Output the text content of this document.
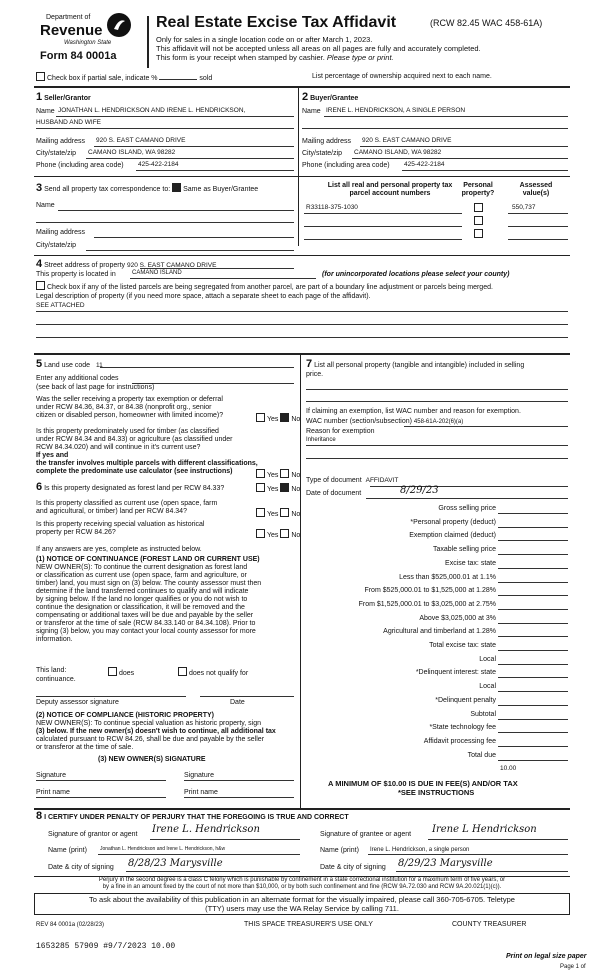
Department of
Revenue
Washington State
Form 84 0001a
Real Estate Excise Tax Affidavit	(RCW 82.45 WAC 458-61A)
Only for sales in a single location code on or after March 1, 2023.
This affidavit will not be accepted unless all areas on all pages are fully and accurately completed.
This form is your receipt when stamped by cashier. Please type or print.
Check box if partial sale, indicate %	sold	List percentage of ownership acquired next to each name.
1 Seller/Grantor
Name JONATHAN L. HENDRICKSON AND IRENE L. HENDRICKSON,
HUSBAND AND WIFE
Mailing address 920 S. EAST CAMANO DRIVE
City/state/zip CAMANO ISLAND, WA 98282
Phone (including area code) 425-422-2184
2 Buyer/Grantee
Name IRENE L. HENDRICKSON, A SINGLE PERSON
Mailing address 920 S. EAST CAMANO DRIVE
City/state/zip CAMANO ISLAND, WA 98282
Phone (including area code) 425-422-2184
3 Send all property tax correspondence to: Same as Buyer/Grantee
Name
Mailing address
City/state/zip
List all real and personal property tax
parcel account numbers
Personal
property?
Assessed
value(s)
R33118-375-1030	550,737
4 Street address of property 920 S. EAST CAMANO DRIVE
This property is located in	CAMANO ISLAND	(for unincorporated locations please select your county)
Check box if any of the listed parcels are being segregated from another parcel, are part of a boundary line adjustment or parcels being merged.
Legal description of property (if you need more space, attach a separate sheet to each page of the affidavit).
SEE ATTACHED
5 Land use code 11
Enter any additional codes
(see back of last page for instructions)
Was the seller receiving a property tax exemption or deferral
under RCW 84.36, 84.37, or 84.38 (nonprofit org., senior
citizen or disabled person, homeowner with limited income)?
Yes No
Is this property predominately used for timber (as classified
under RCW 84.34 and 84.33) or agriculture (as classified under
RCW 84.34.020) and will continue in it's current use?
If yes and
the transfer involves multiple parcels with different classifications,
complete the predominate use calculator (see instructions)
Yes No
6 Is this property designated as forest land per RCW 84.33?	Yes No
Is this property classified as current use (open space, farm
and agricultural, or timber) land per RCW 84.34?	Yes No
Is this property receiving special valuation as historical
property per RCW 84.26?	Yes No
If any answers are yes, complete as instructed below.
(1) NOTICE OF CONTINUANCE (FOREST LAND OR CURRENT USE)
NEW OWNER(S): To continue the current designation as forest land
or classification as current use (open space, farm and agriculture, or
timber) land, you must sign on (3) below. The county assessor must then
determine if the land transferred continues to qualify and will indicate
by signing below. If the land no longer qualifies or you do not wish to
continue the designation or classification, it will be removed and the
compensating or additional taxes will be due and payable by the seller
or transferor at the time of sale (RCW 84.33.140 or 84.34.108). Prior to
signing (3) below, you may contact your local county assessor for more
information.
This land:	does	does not qualify for
continuance.
Deputy assessor signature	Date
(2) NOTICE OF COMPLIANCE (HISTORIC PROPERTY)
NEW OWNER(S): To continue special valuation as historic property, sign
(3) below. If the new owner(s) doesn't wish to continue, all additional tax
calculated pursuant to RCW 84.26, shall be due and payable by the seller
or transferor at the time of sale.
(3) NEW OWNER(S) SIGNATURE
Signature	Signature
Print name	Print name
7 List all personal property (tangible and intangible) included in selling
price.
If claiming an exemption, list WAC number and reason for exemption.
WAC number (section/subsection) 458-61A-202(6)(a)
Reason for exemption
Inheritance
Type of document AFFIDAVIT
Date of document	8/29/23
Gross selling price
*Personal property (deduct)
Exemption claimed (deduct)
Taxable selling price
Excise tax: state
Less than $525,000.01 at 1.1%
From $525,000.01 to $1,525,000 at 1.28%
From $1,525,000.01 to $3,025,000 at 2.75%
Above $3,025,000 at 3%
Agricultural and timberland at 1.28%
Total excise tax: state
Local
*Delinquent interest: state
Local
*Delinquent penalty
Subtotal
*State technology fee
Affidavit processing fee
Total due
10.00
A MINIMUM OF $10.00 IS DUE IN FEE(S) AND/OR TAX
*SEE INSTRUCTIONS
8 I CERTIFY UNDER PENALTY OF PERJURY THAT THE FOREGOING IS TRUE AND CORRECT
Signature of grantor or agent Irene L. Hendrickson	Signature of grantee or agent Irene L Hendrickson
Name (print)	Jonathan L. Hendrickson and Irene L. Hendrickson, h&w	Name (print) Irene L. Hendrickson, a single person
Date & city of signing 8/28/23 Marysville	Date & city of signing 8/29/23 Marysville
Perjury in the second degree is a class C felony which is punishable by confinement in a state correctional institution for a maximum term of five years, or
by a fine in an amount fixed by the court of not more than $10,000, or by both such confinement and fine (RCW 9A.72.030 and RCW 9A.20.021(1)(c)).
To ask about the availability of this publication in an alternate format for the visually impaired, please call 360-705-6705. Teletype
(TTY) users may use the WA Relay Service by calling 711.
REV 84 0001a (02/28/23)	THIS SPACE TREASURER'S USE ONLY	COUNTY TREASURER
1653285 57909 #9/7/2023 10.00
Print on legal size paper
Page 1 of
